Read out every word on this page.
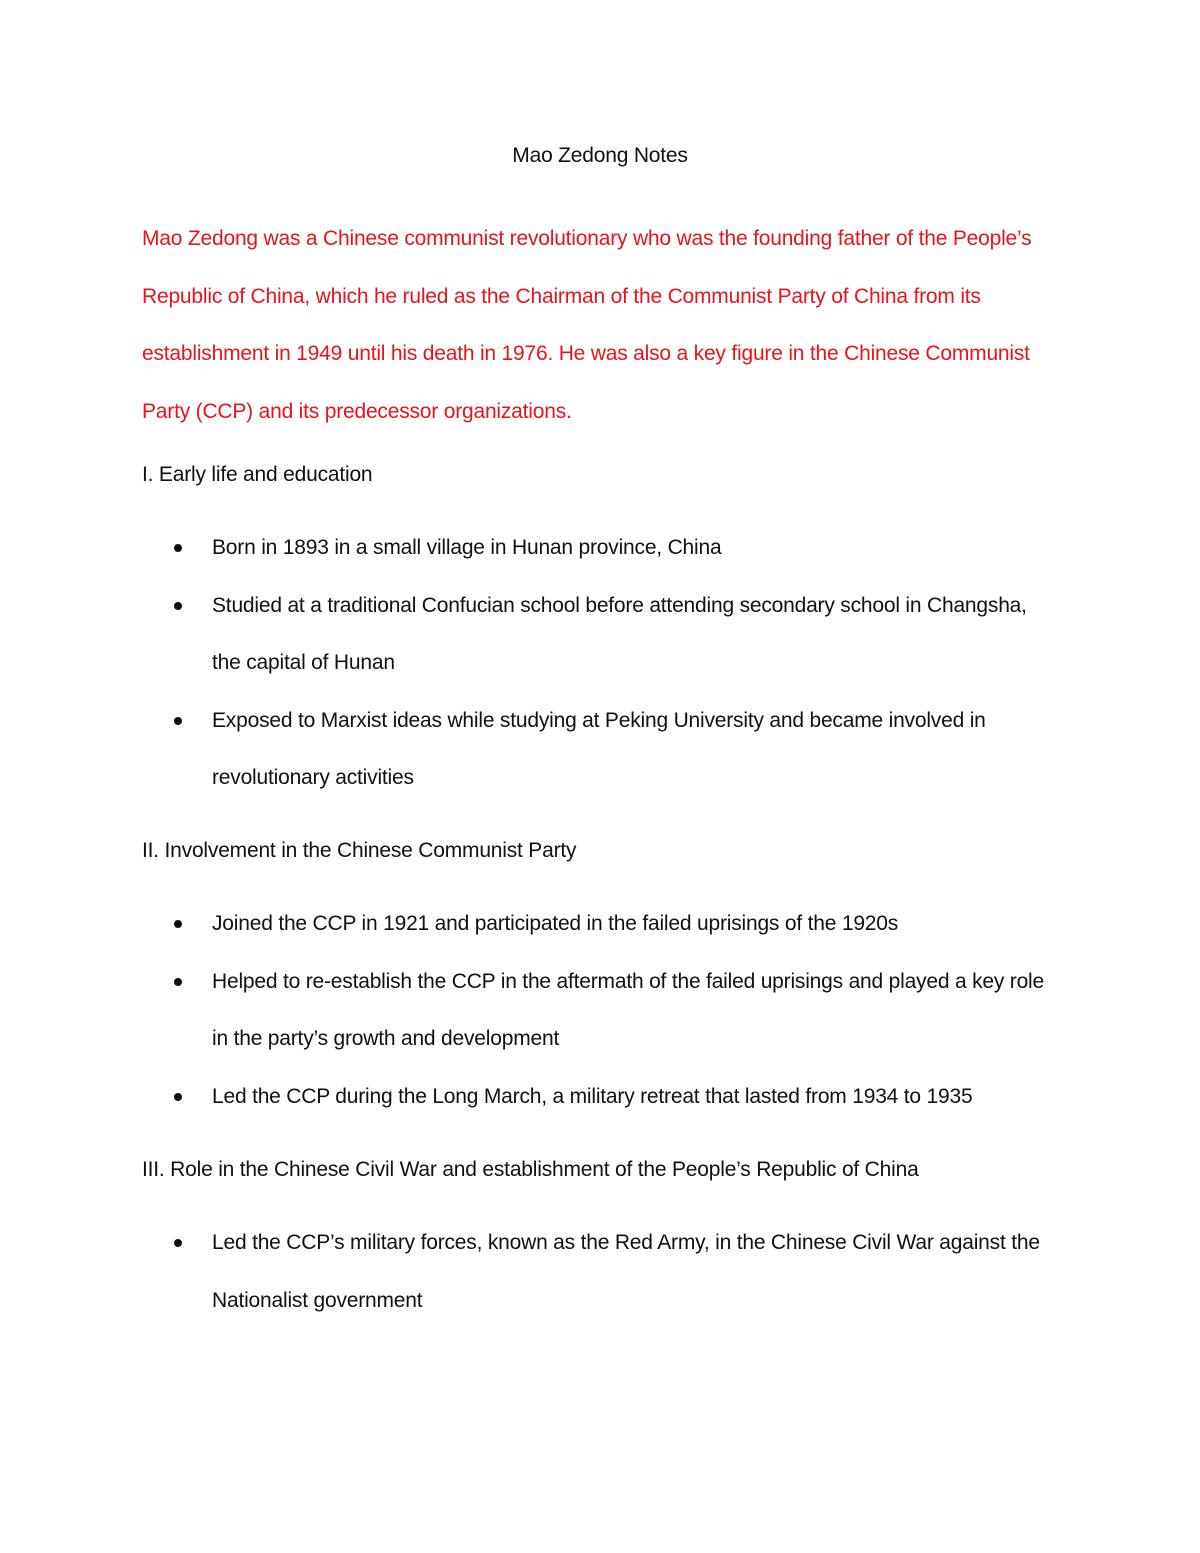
Mao Zedong Notes

Mao Zedong was a Chinese communist revolutionary who was the founding father of the People’s Republic of China, which he ruled as the Chairman of the Communist Party of China from its establishment in 1949 until his death in 1976. He was also a key figure in the Chinese Communist Party (CCP) and its predecessor organizations.

I. Early life and education
Born in 1893 in a small village in Hunan province, China
Studied at a traditional Confucian school before attending secondary school in Changsha, the capital of Hunan
Exposed to Marxist ideas while studying at Peking University and became involved in revolutionary activities
II. Involvement in the Chinese Communist Party
Joined the CCP in 1921 and participated in the failed uprisings of the 1920s
Helped to re-establish the CCP in the aftermath of the failed uprisings and played a key role in the party’s growth and development
Led the CCP during the Long March, a military retreat that lasted from 1934 to 1935
III. Role in the Chinese Civil War and establishment of the People’s Republic of China
Led the CCP’s military forces, known as the Red Army, in the Chinese Civil War against the Nationalist government
